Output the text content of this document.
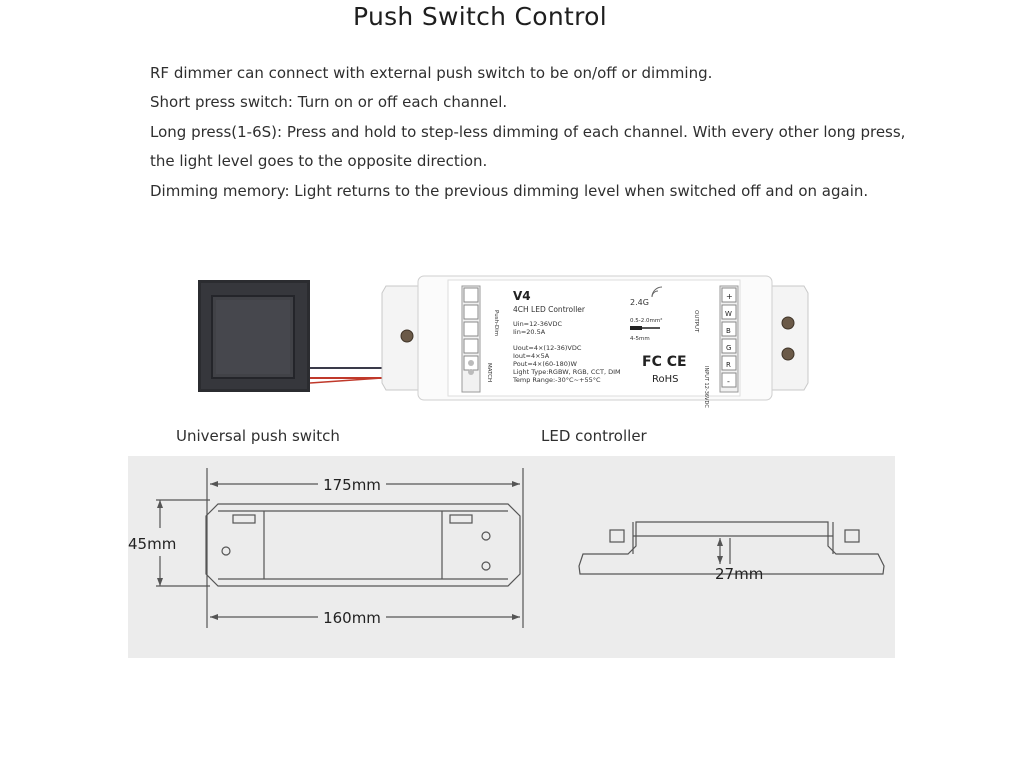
Push Switch Control
RF dimmer can connect with external push switch to be on/off or dimming.
Short press switch: Turn on or off each channel.
Long press(1-6S): Press and hold to step-less dimming of each channel. With every other long press,
the light level goes to the opposite direction.
Dimming memory: Light returns to the previous dimming level when switched off and on again.
V4
4CH LED Controller
Uin=12-36VDC
Iin=20.5A
Uout=4×(12-36)VDC
Iout=4×5A
Pout=4×(60-180)W
Light Type:RGBW, RGB, CCT, DIM
Temp Range:-30°C~+55°C
2.4G
0.5-2.0mm²
4-5mm
FC CE
RoHS
Push-Dim
MATCH
OUTPUT
INPUT 12-36VDC
+
W
B
G
R
-
Universal push switch	LED controller
175mm
160mm
45mm
27mm
